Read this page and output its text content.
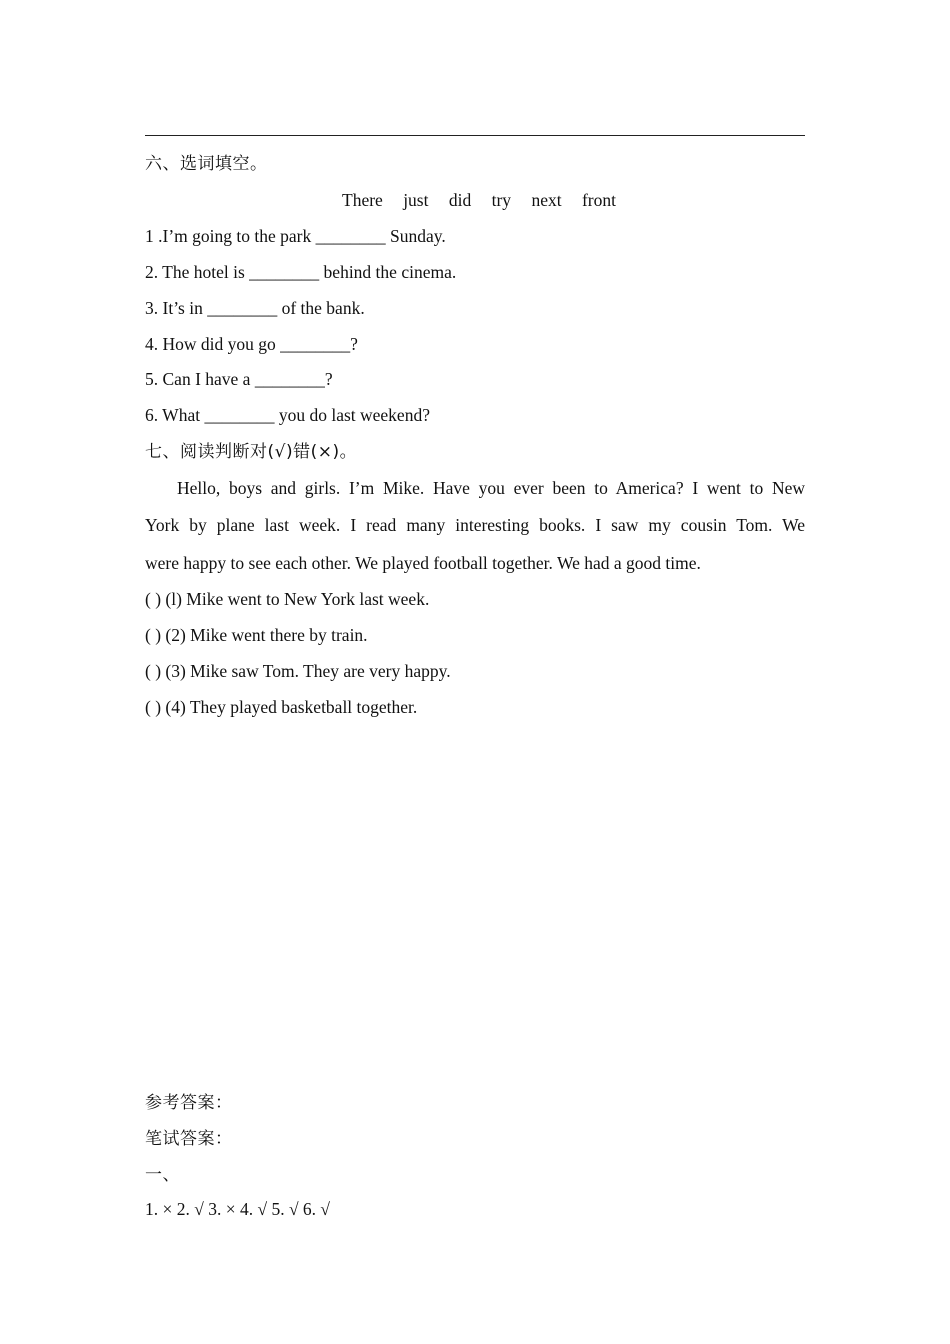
六、选词填空。
There just did try next front
1 .I’m going to the park ________ Sunday.
2. The hotel is ________ behind the cinema.
3. It’s in ________ of the bank.
4. How did you go ________?
5. Can I have a ________?
6. What ________ you do last weekend?
七、阅读判断对(√)错(×)。
Hello, boys and girls. I’m Mike. Have you ever been to America? I went to New
York by plane last week. I read many interesting books. I saw my cousin Tom. We
were happy to see each other. We played football together. We had a good time.
( ) (l) Mike went to New York last week.
( ) (2) Mike went there by train.
( ) (3) Mike saw Tom. They are very happy.
( ) (4) They played basketball together.
参考答案：
笔试答案：
一、
1. × 2. √ 3. × 4. √ 5. √ 6. √
